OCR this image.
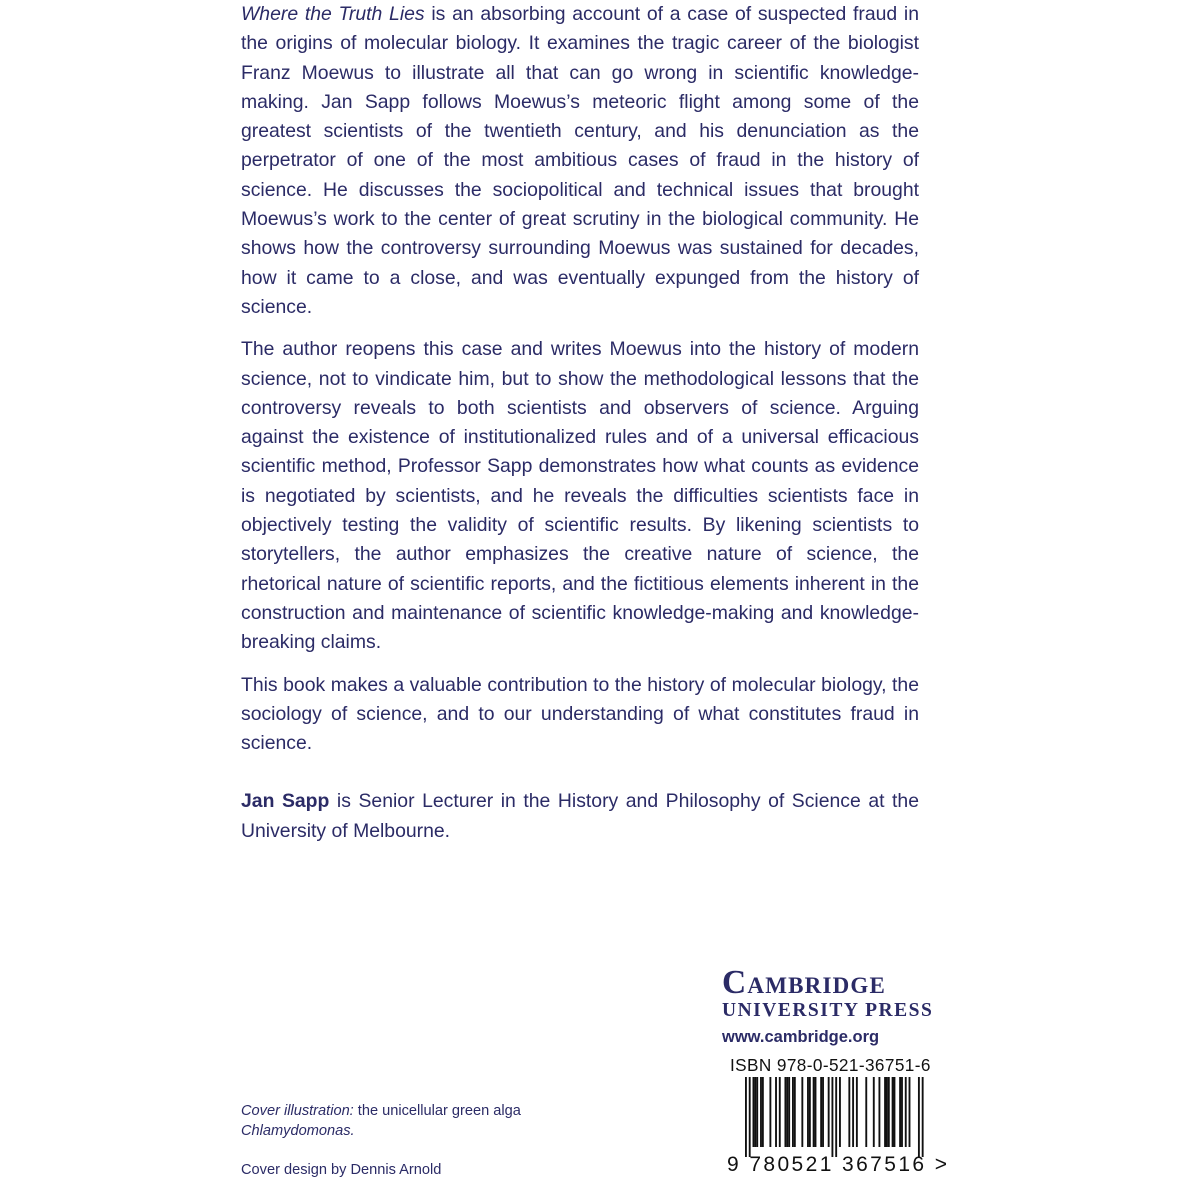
Where the Truth Lies is an absorbing account of a case of suspected fraud in the origins of molecular biology. It examines the tragic career of the biologist Franz Moewus to illustrate all that can go wrong in scientific knowledge-making. Jan Sapp follows Moewus’s meteoric flight among some of the greatest scientists of the twentieth century, and his denunciation as the perpetrator of one of the most ambitious cases of fraud in the history of science. He discusses the sociopolitical and technical issues that brought Moewus’s work to the center of great scrutiny in the biological community. He shows how the controversy surrounding Moewus was sustained for decades, how it came to a close, and was eventually expunged from the history of science.

The author reopens this case and writes Moewus into the history of modern science, not to vindicate him, but to show the methodological lessons that the controversy reveals to both scientists and observers of science. Arguing against the existence of institutionalized rules and of a universal efficacious scientific method, Professor Sapp demonstrates how what counts as evidence is negotiated by scientists, and he reveals the difficulties scientists face in objectively testing the validity of scientific results. By likening scientists to storytellers, the author emphasizes the creative nature of science, the rhetorical nature of scientific reports, and the fictitious elements inherent in the construction and maintenance of scientific knowledge-making and knowledge-breaking claims.

This book makes a valuable contribution to the history of molecular biology, the sociology of science, and to our understanding of what constitutes fraud in science.

Jan Sapp is Senior Lecturer in the History and Philosophy of Science at the University of Melbourne.

Cover illustration: the unicellular green alga
Chlamydomonas.

Cover design by Dennis Arnold

Cambridge
UNIVERSITY PRESS
www.cambridge.org
ISBN 978-0-521-36751-6
9 780521 367516 >
